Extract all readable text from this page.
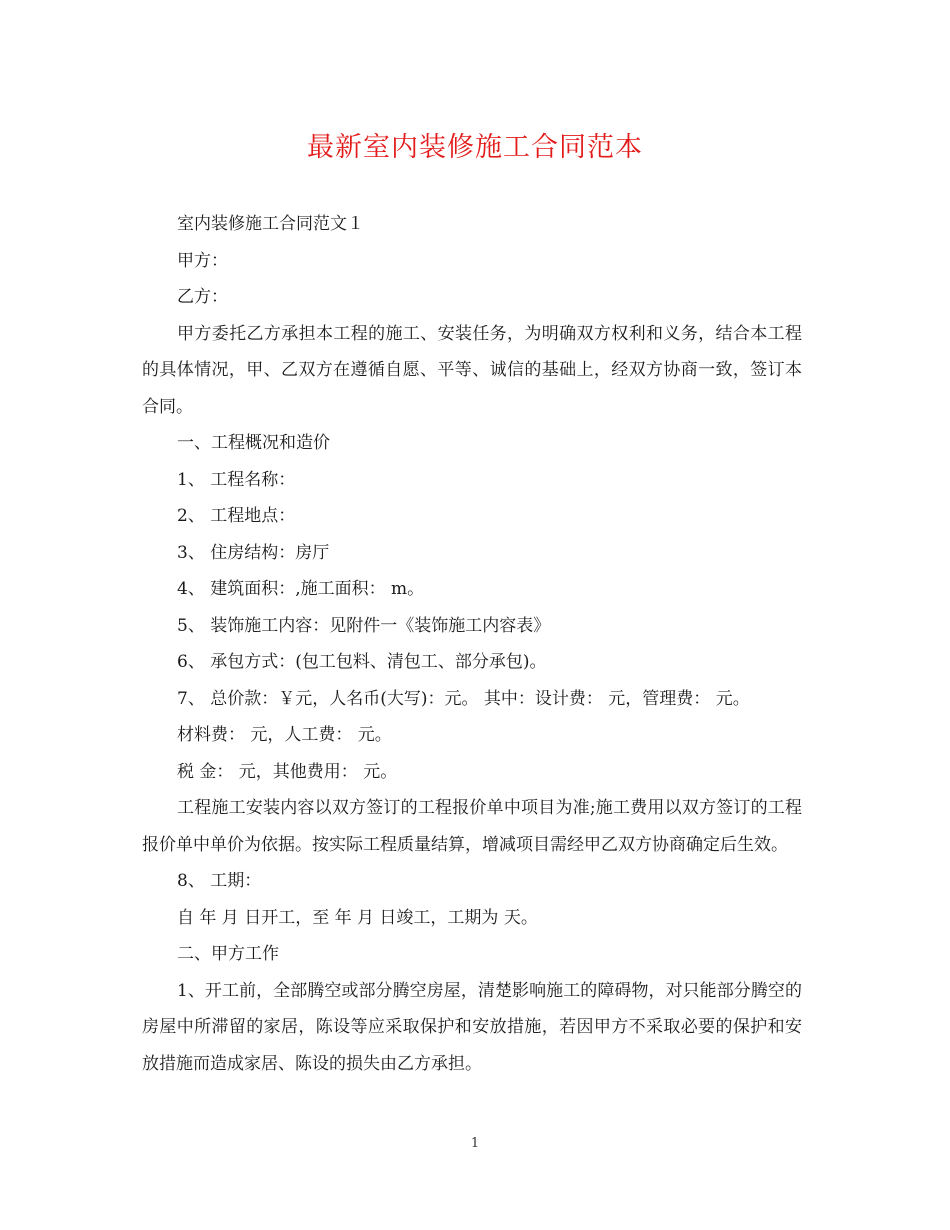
最新室内装修施工合同范本

室内装修施工合同范文１

甲方：

乙方：

甲方委托乙方承担本工程的施工、安装任务，为明确双方权利和义务，结合本工程的具体情况，甲、乙双方在遵循自愿、平等、诚信的基础上，经双方协商一致，签订本合同。

一、工程概况和造价

1、 工程名称：

2、 工程地点：

3、 住房结构：房厅

4、 建筑面积：,施工面积： m。

5、 装饰施工内容：见附件一《装饰施工内容表》

6、 承包方式：(包工包料、清包工、部分承包)。

7、 总价款：￥元，人名币(大写)：元。 其中：设计费： 元，管理费： 元。

材料费： 元，人工费： 元。

税 金： 元，其他费用： 元。

工程施工安装内容以双方签订的工程报价单中项目为准;施工费用以双方签订的工程报价单中单价为依据。按实际工程质量结算，增减项目需经甲乙双方协商确定后生效。

8、 工期：

自 年 月 日开工，至 年 月 日竣工，工期为 天。

二、甲方工作

1、开工前，全部腾空或部分腾空房屋，清楚影响施工的障碍物，对只能部分腾空的房屋中所滞留的家居，陈设等应采取保护和安放措施，若因甲方不采取必要的保护和安放措施而造成家居、陈设的损失由乙方承担。

1
